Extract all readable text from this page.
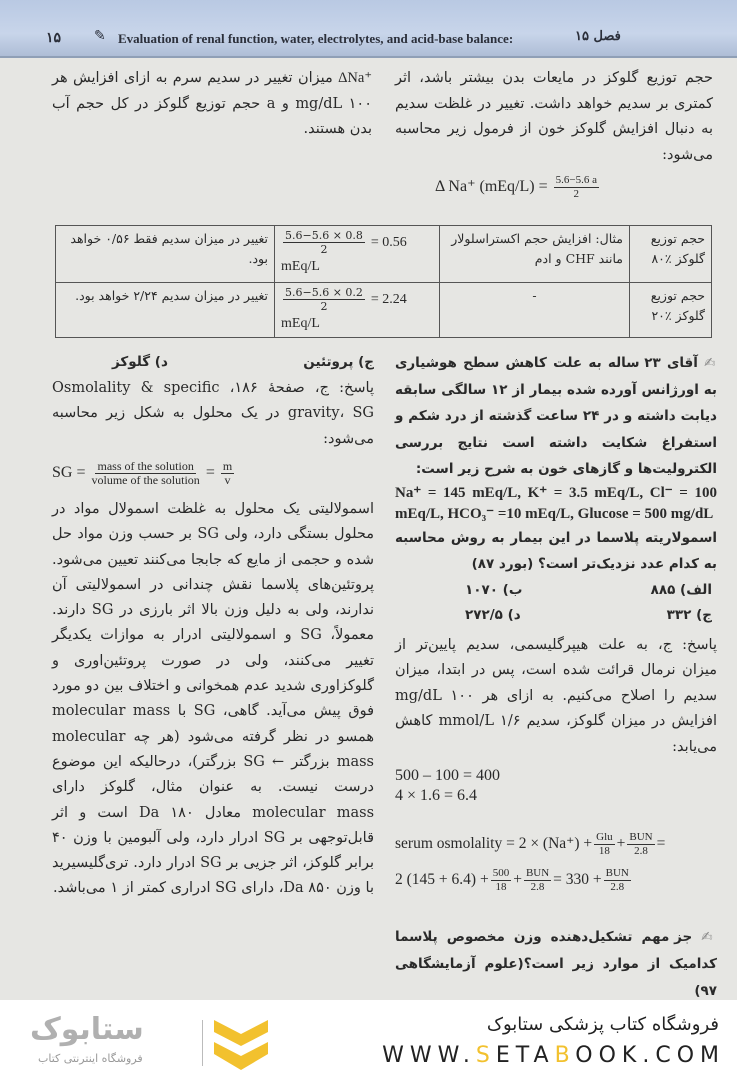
۱۵ ✎ Evaluation of renal function, water, electrolytes, and acid-base balance:	فصل ۱۵

حجم توزیع گلوکز در مایعات بدن بیشتر باشد، اثر کمتری بر سدیم خواهد داشت. تغییر در غلظت سدیم به دنبال افزایش گلوکز خون از فرمول زیر محاسبه می‌شود:

Δ Na⁺ $(mEq/L) = \frac{5.6-5.6 a}{2}$
ΔNa⁺ میزان تغییر در سدیم سرم به ازای افزایش هر ۱۰۰ mg/dL و a حجم توزیع گلوکز در کل حجم آب بدن هستند.
حجم توزیع گلوکز ٪۸۰	مثال: افزایش حجم اکستراسلولار مانند CHF و ادم	$\frac{5.6-5.6 \times 0.8}{2} = 0.56$ mEq/L	تغییر در میزان سدیم فقط ۰/۵۶ خواهد بود.
حجم توزیع گلوکز ٪۲۰	-	$\frac{5.6-5.6 \times 0.2}{2} = 2.24$ mEq/L	تغییر در میزان سدیم ۲/۲۴ خواهد بود.

✍ آقای ۲۳ ساله به علت کاهش سطح هوشیاری به اورژانس آورده شده بیمار از ۱۲ سالگی سابقه دیابت داشته و در ۲۴ ساعت گذشته از درد شکم و استفراغ شکایت داشته است نتایج بررسی الکترولیت‌ها و گازهای خون به شرح زیر است:

Na⁺ = 145 mEq/L, K⁺ = 3.5 mEq/L, Cl⁻ = 100 mEq/L, HCO₃⁻ =10 mEq/L, Glucose = 500 mg/dL

اسمولاریته پلاسما در این بیمار به روش محاسبه به کدام عدد نزدیک‌تر است؟ (بورد ۸۷)

الف) ۸۸۵
ب) ۱۰۷۰
ج) ۳۳۲
د) ۲۷۲/۵

پاسخ: ج، به علت هیپرگلیسمی، سدیم پایین‌تر از میزان نرمال قرائت شده است، پس در ابتدا، میزان سدیم را اصلاح می‌کنیم. به ازای هر ۱۰۰ mg/dL افزایش در میزان گلوکز، سدیم ۱/۶ mmol/L کاهش می‌یابد:

500 – 100 = 400
4 × 1.6 = 6.4
serum osmolality = $2 \times (Na^+) + \frac{\text{Glu}}{18} + \frac{\text{BUN}}{2.8}$ =
2 $(145 + 6.4) + \frac{500}{18} + \frac{\text{BUN}}{2.8} = 330 + \frac{\text{BUN}}{2.8}$

✍ جز مهم تشکیل‌دهنده وزن مخصوص پلاسما کدامیک از موارد زیر است؟(علوم آزمایشگاهی ۹۷)

ج) پروتئین
د) گلوکز

پاسخ: ج، صفحهٔ ۱۸۶، Osmolality & specific gravity، SG در یک محلول به شکل زیر محاسبه می‌شود:

SG = $\frac{\text{mass of the solution}}{\text{volume of the solution}} = \frac{m}{v}$

اسمولالیتی یک محلول به غلظت اسمولال مواد در محلول بستگی دارد، ولی SG بر حسب وزن مواد حل شده و حجمی از مایع که جابجا می‌کنند تعیین می‌شود. پروتئین‌های پلاسما نقش چندانی در اسمولالیتی آن ندارند، ولی به دلیل وزن بالا اثر بارزی در SG دارند. معمولاً، SG و اسمولالیتی ادرار به موازات یکدیگر تغییر می‌کنند، ولی در صورت پروتئین‌اوری و گلوکزاوری شدید عدم همخوانی و اختلاف بین دو مورد فوق پیش می‌آید. گاهی، SG با molecular mass همسو در نظر گرفته می‌شود (هر چه molecular mass بزرگتر ← SG بزرگتر)، درحالیکه این موضوع درست نیست. به عنوان مثال، گلوکز دارای molecular mass معادل ۱۸۰ Da است و اثر قابل‌توجهی بر SG ادرار دارد، ولی آلبومین با وزن ۴۰ برابر گلوکز، اثر جزیی بر SG ادرار دارد. تری‌گلیسیرید با وزن ۸۵۰ Da، دارای SG ادراری کمتر از ۱ می‌باشد.

ستابوک
فروشگاه اینترنتی کتاب
فروشگاه کتاب پزشکی ستابوک
WWW.SETABOOK.COM
